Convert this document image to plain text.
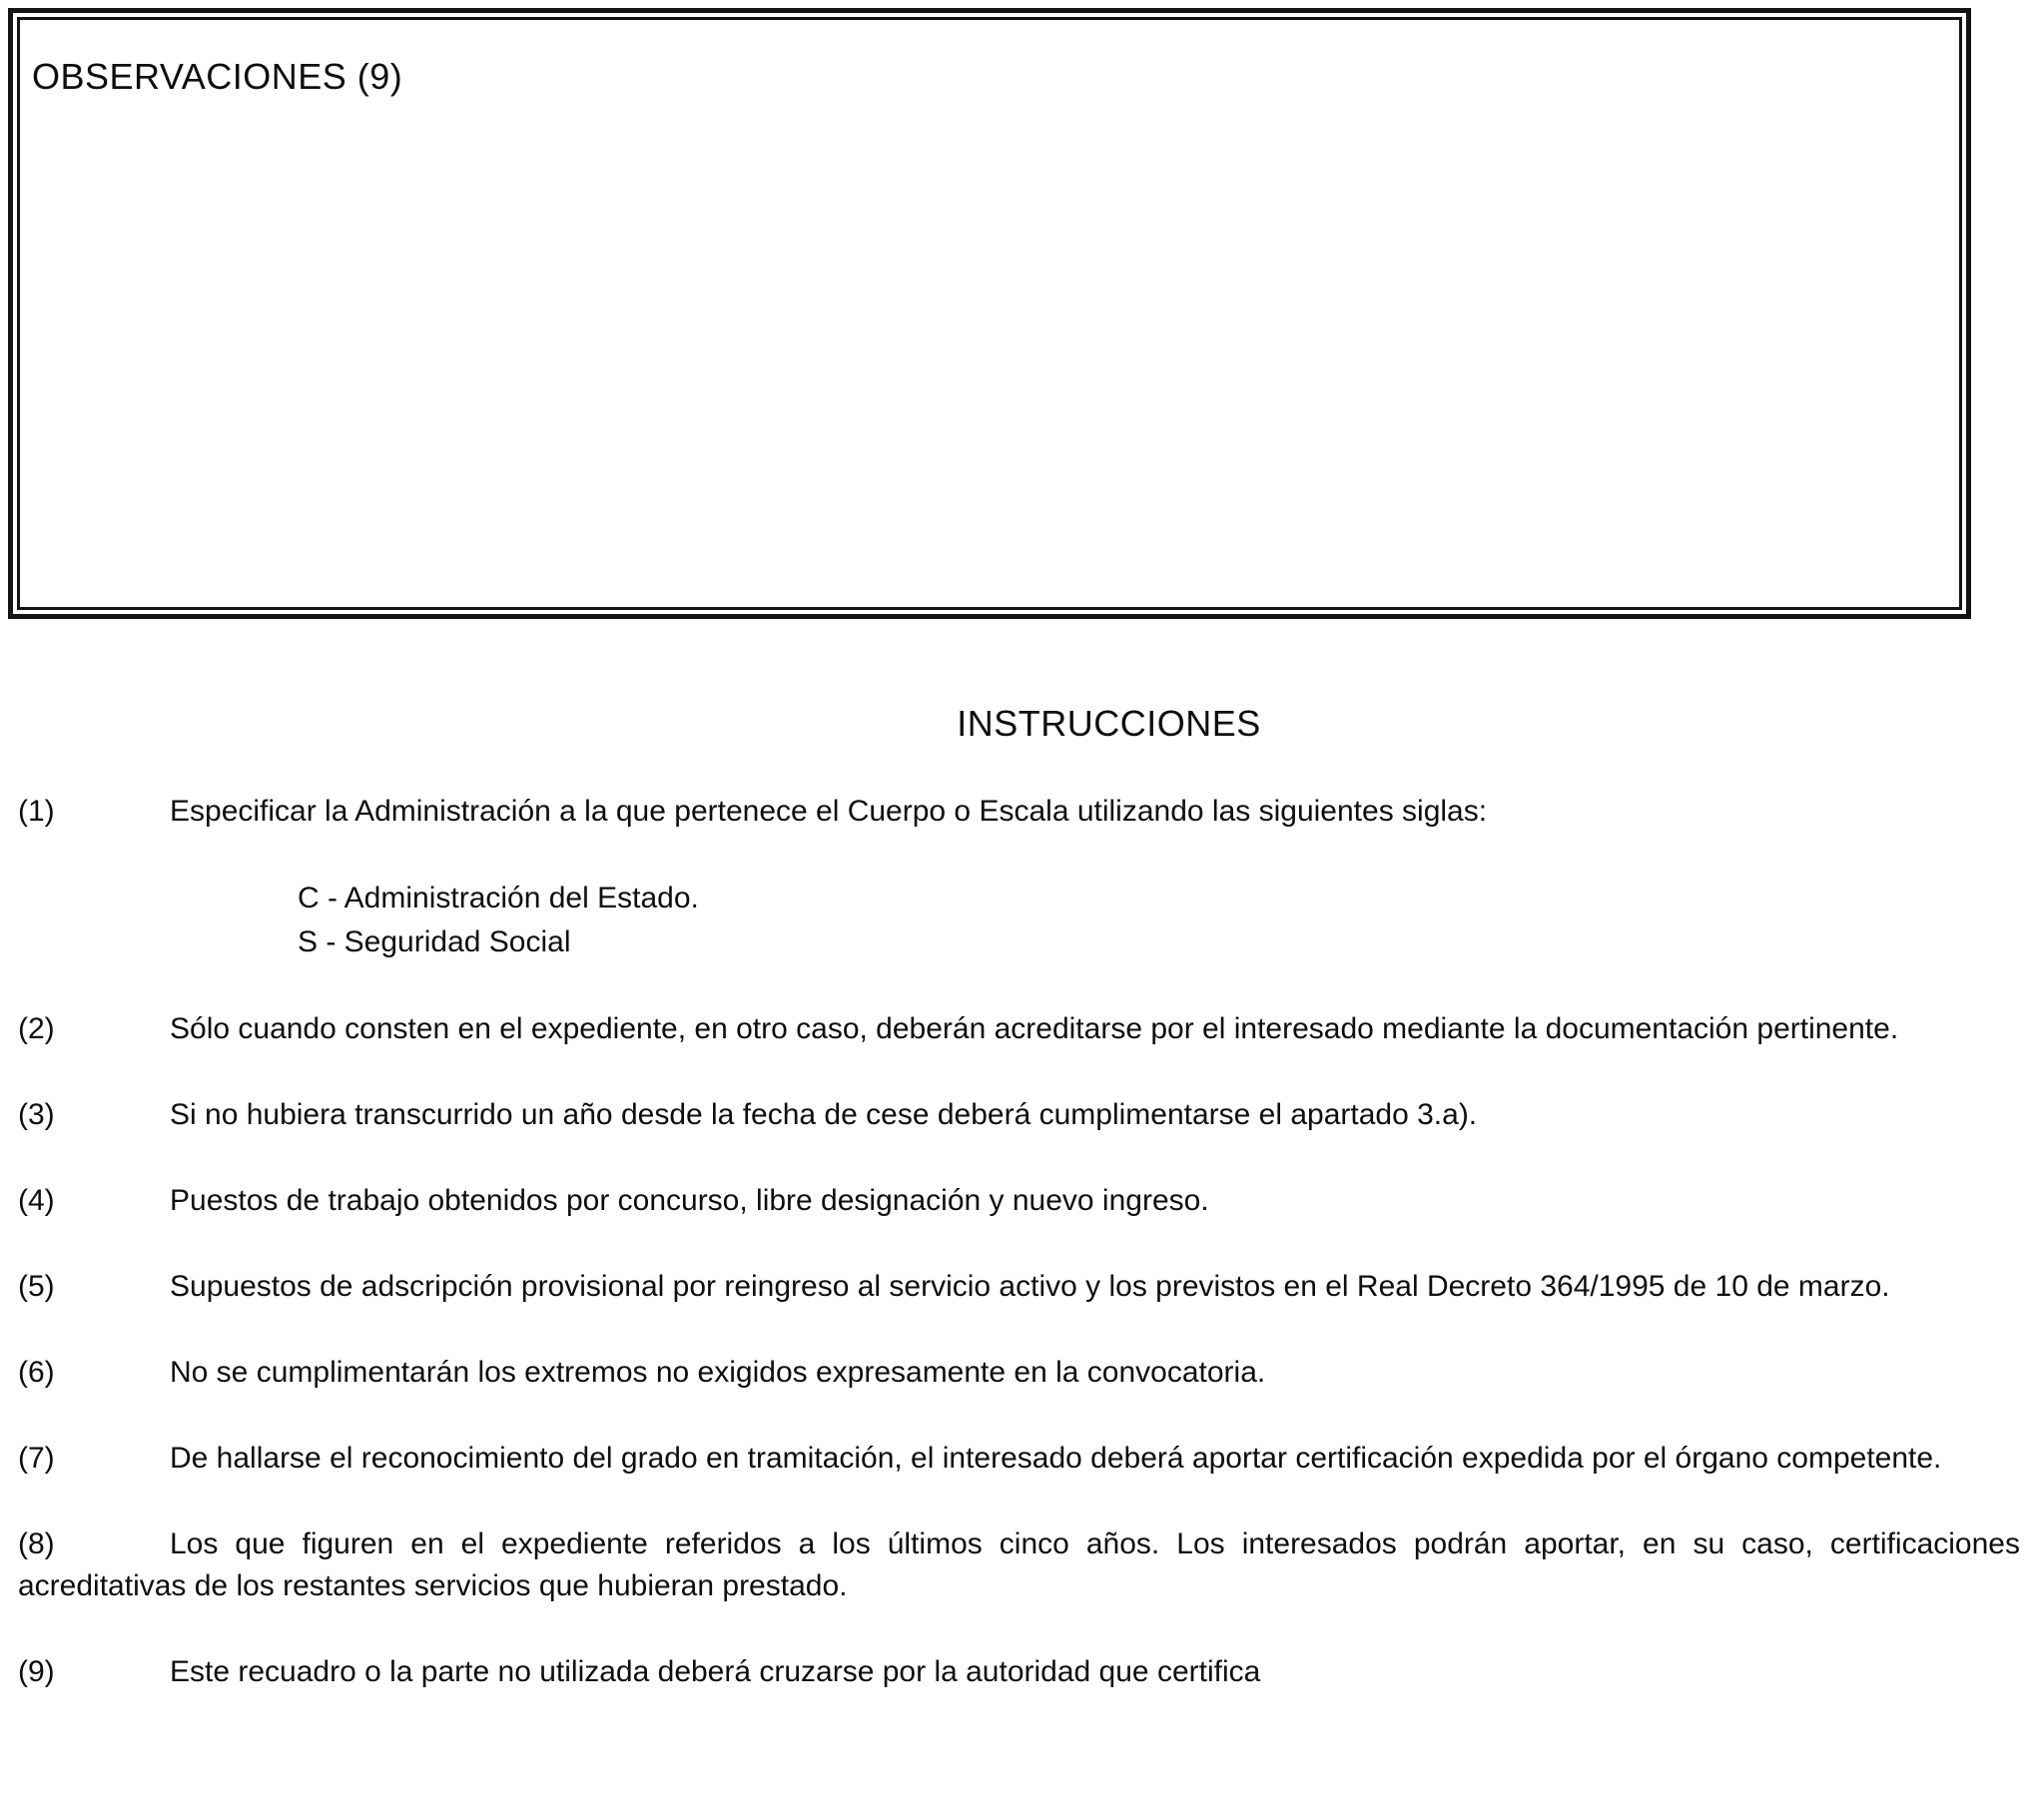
OBSERVACIONES (9)
INSTRUCCIONES

(1)	Especificar la Administración a la que pertenece el Cuerpo o Escala utilizando las siguientes siglas:

C - Administración del Estado.
S - Seguridad Social

(2)	Sólo cuando consten en el expediente, en otro caso, deberán acreditarse por el interesado mediante la documentación pertinente.

(3)	Si no hubiera transcurrido un año desde la fecha de cese deberá cumplimentarse el apartado 3.a).

(4)	Puestos de trabajo obtenidos por concurso, libre designación y nuevo ingreso.

(5)	Supuestos de adscripción provisional por reingreso al servicio activo y los previstos en el Real Decreto 364/1995 de 10 de marzo.

(6)	No se cumplimentarán los extremos no exigidos expresamente en la convocatoria.

(7)	De hallarse el reconocimiento del grado en tramitación, el interesado deberá aportar certificación expedida por el órgano competente.

(8)	Los que figuren en el expediente referidos a los últimos cinco años. Los interesados podrán aportar, en su caso, certificaciones acreditativas de los restantes servicios que hubieran prestado.

(9)	Este recuadro o la parte no utilizada deberá cruzarse por la autoridad que certifica
